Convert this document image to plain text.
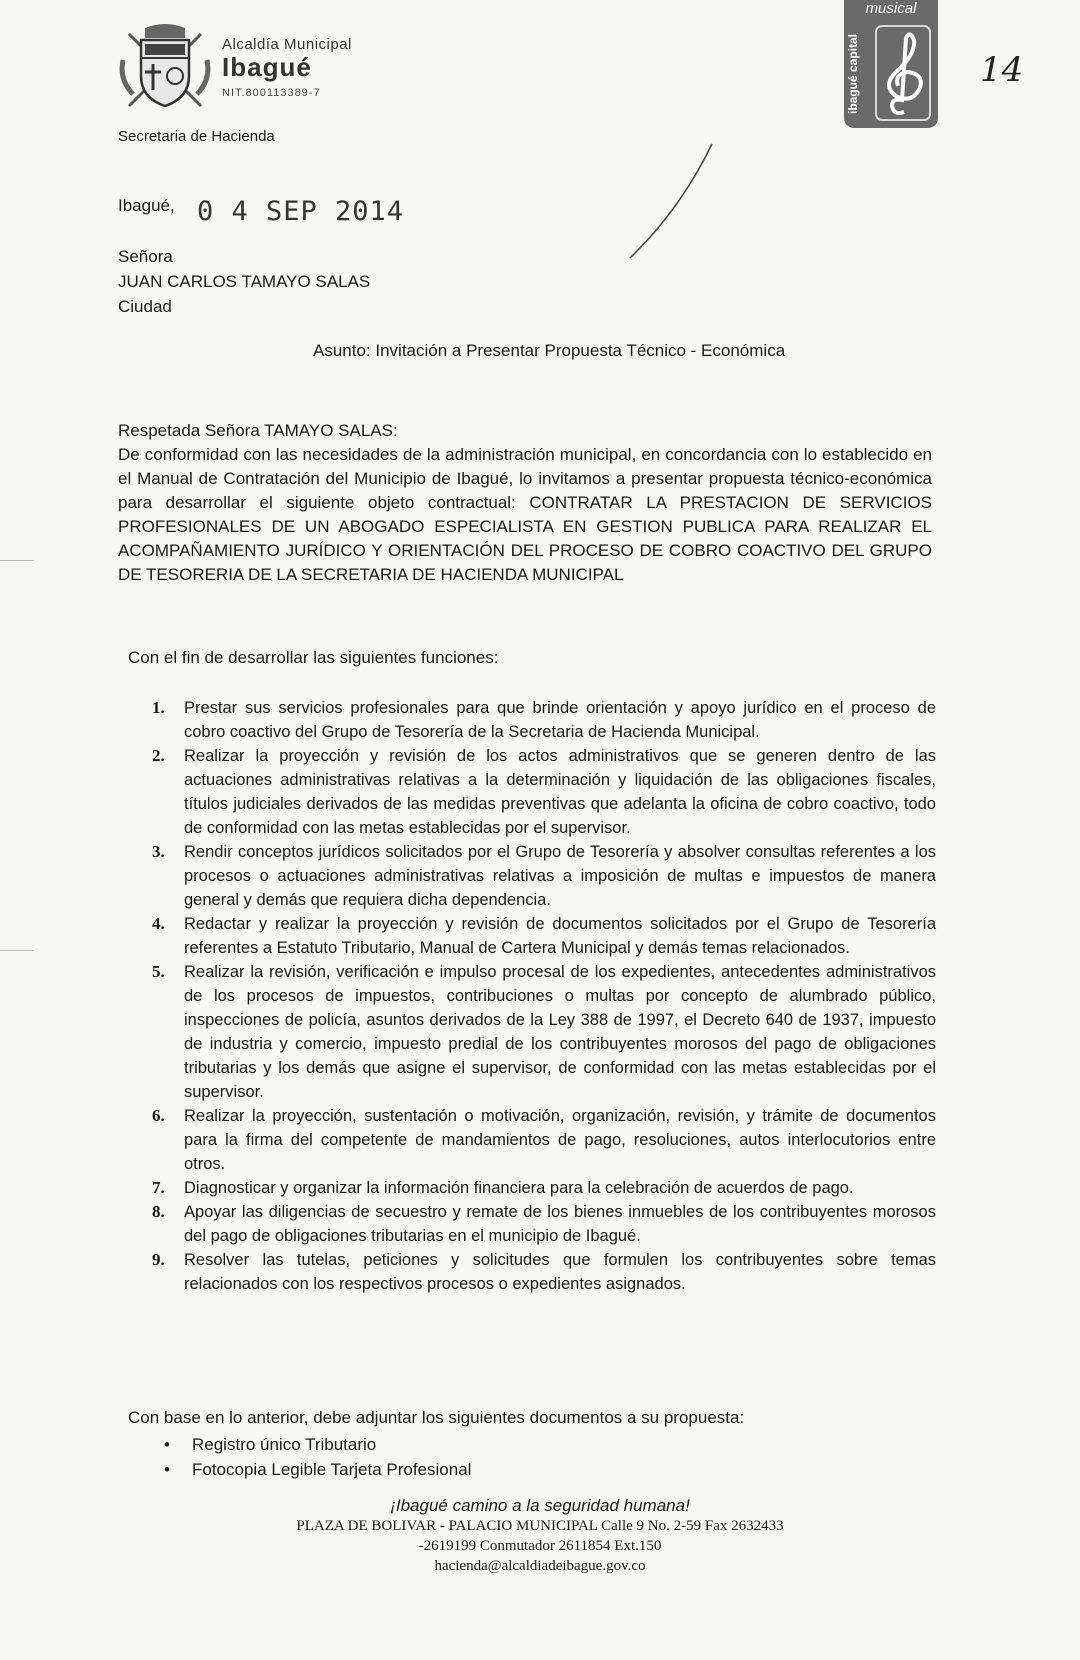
Alcaldía Municipal
Ibagué
NIT.800113389-7
Secretaria de Hacienda
musical
ibagué capital	14
Ibagué, 0 4 SEP 2014
Señora
JUAN CARLOS TAMAYO SALAS
Ciudad
Asunto: Invitación a Presentar Propuesta Técnico - Económica
Respetada Señora TAMAYO SALAS:
De conformidad con las necesidades de la administración municipal, en concordancia con lo establecido en el Manual de Contratación del Municipio de Ibagué, lo invitamos a presentar propuesta técnico-económica para desarrollar el siguiente objeto contractual: CONTRATAR LA PRESTACION DE SERVICIOS PROFESIONALES DE UN ABOGADO ESPECIALISTA EN GESTION PUBLICA PARA REALIZAR EL ACOMPAÑAMIENTO JURÍDICO Y ORIENTACIÓN DEL PROCESO DE COBRO COACTIVO DEL GRUPO DE TESORERIA DE LA SECRETARIA DE HACIENDA MUNICIPAL
Con el fin de desarrollar las siguientes funciones:
1. Prestar sus servicios profesionales para que brinde orientación y apoyo jurídico en el proceso de cobro coactivo del Grupo de Tesorería de la Secretaria de Hacienda Municipal.
2. Realizar la proyección y revisión de los actos administrativos que se generen dentro de las actuaciones administrativas relativas a la determinación y liquidación de las obligaciones fiscales, títulos judiciales derivados de las medidas preventivas que adelanta la oficina de cobro coactivo, todo de conformidad con las metas establecidas por el supervisor.
3. Rendir conceptos jurídicos solicitados por el Grupo de Tesorería y absolver consultas referentes a los procesos o actuaciones administrativas relativas a imposición de multas e impuestos de manera general y demás que requiera dicha dependencia.
4. Redactar y realizar la proyección y revisión de documentos solicitados por el Grupo de Tesorería referentes a Estatuto Tributario, Manual de Cartera Municipal y demás temas relacionados.
5. Realizar la revisión, verificación e impulso procesal de los expedientes, antecedentes administrativos de los procesos de impuestos, contribuciones o multas por concepto de alumbrado público, inspecciones de policía, asuntos derivados de la Ley 388 de 1997, el Decreto 640 de 1937, impuesto de industria y comercio, impuesto predial de los contribuyentes morosos del pago de obligaciones tributarias y los demás que asigne el supervisor, de conformidad con las metas establecidas por el supervisor.
6. Realizar la proyección, sustentación o motivación, organización, revisión, y trámite de documentos para la firma del competente de mandamientos de pago, resoluciones, autos interlocutorios entre otros.
7. Diagnosticar y organizar la información financiera para la celebración de acuerdos de pago.
8. Apoyar las diligencias de secuestro y remate de los bienes inmuebles de los contribuyentes morosos del pago de obligaciones tributarias en el municipio de Ibagué.
9. Resolver las tutelas, peticiones y solicitudes que formulen los contribuyentes sobre temas relacionados con los respectivos procesos o expedientes asignados.
Con base en lo anterior, debe adjuntar los siguientes documentos a su propuesta:
• Registro único Tributario
• Fotocopia Legible Tarjeta Profesional
¡Ibagué camino a la seguridad humana!
PLAZA DE BOLIVAR - PALACIO MUNICIPAL Calle 9 No. 2-59 Fax 2632433
-2619199 Conmutador 2611854 Ext.150
hacienda@alcaldiadeibague.gov.co
